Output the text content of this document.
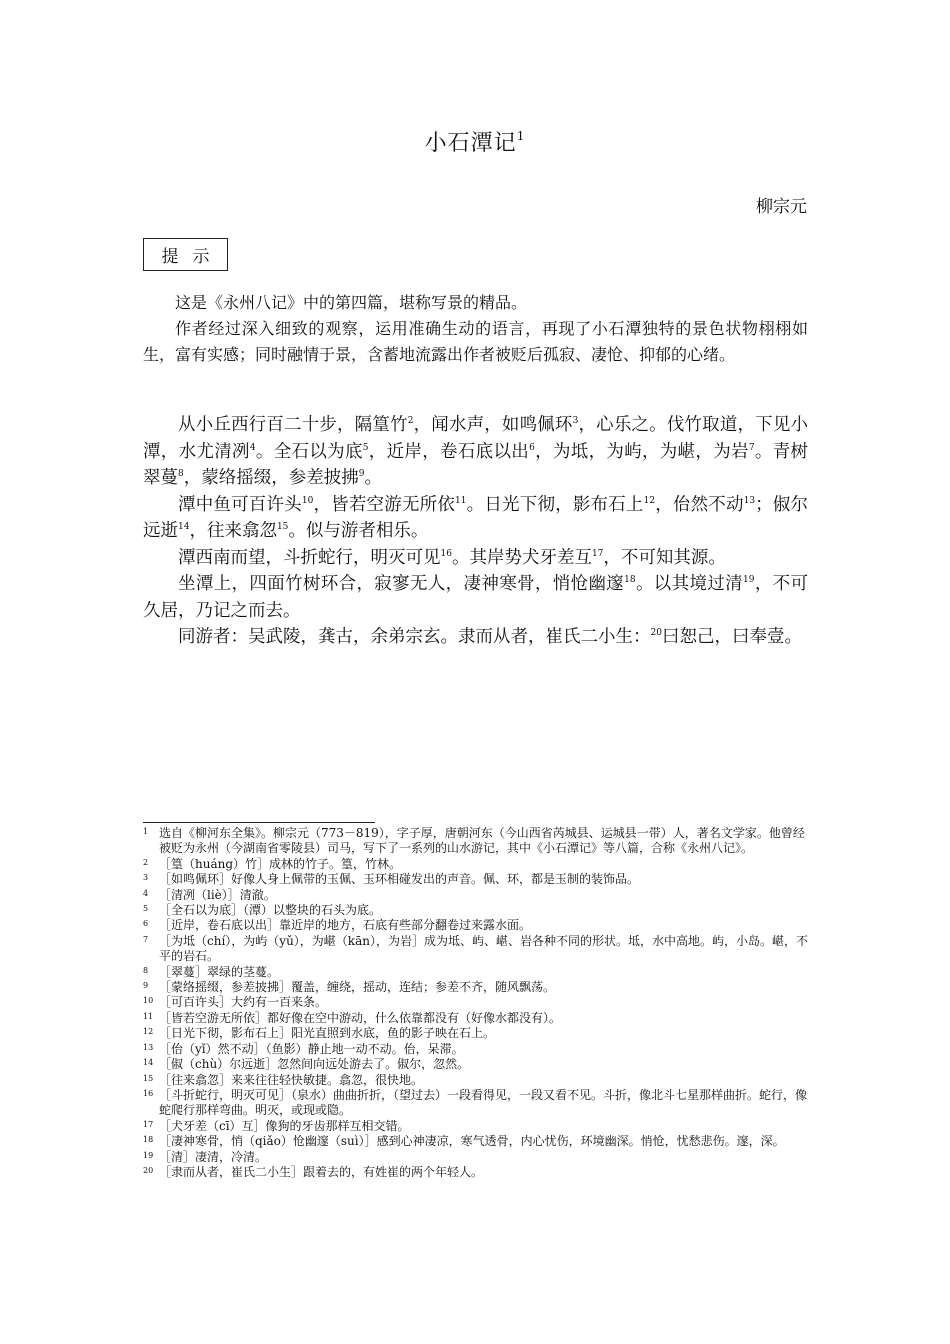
小石潭记$^1$
柳宗元
提示

这是《永州八记》中的第四篇，堪称写景的精品。

作者经过深入细致的观察，运用准确生动的语言，再现了小石潭独特的景色状物栩栩如生，富有实感；同时融情于景，含蓄地流露出作者被贬后孤寂、凄怆、抑郁的心绪。

从小丘西行百二十步，隔篁竹$^2$，闻水声，如鸣佩环$^3$，心乐之。伐竹取道，下见小潭，水尤清冽$^4$。全石以为底$^5$，近岸，卷石底以出$^6$，为坻，为屿，为嵁，为岩$^7$。青树翠蔓$^8$，蒙络摇缀，参差披拂$^9$。

潭中鱼可百许头$^{10}$，皆若空游无所依$^{11}$。日光下彻，影布石上$^{12}$，佁然不动$^{13}$；俶尔远逝$^{14}$，往来翕忽$^{15}$。似与游者相乐。

潭西南而望，斗折蛇行，明灭可见$^{16}$。其岸势犬牙差互$^{17}$，不可知其源。

坐潭上，四面竹树环合，寂寥无人，凄神寒骨，悄怆幽邃$^{18}$。以其境过清$^{19}$，不可久居，乃记之而去。

同游者：吴武陵，龚古，余弟宗玄。隶而从者，崔氏二小生：$^{20}$曰恕己，曰奉壹。

1 选自《柳河东全集》。柳宗元（773－819），字子厚，唐朝河东（今山西省芮城县、运城县一带）人，著名文学家。他曾经被贬为永州（今湖南省零陵县）司马，写下了一系列的山水游记，其中《小石潭记》等八篇，合称《永州八记》。
2 ［篁（huáng）竹］成林的竹子。篁，竹林。
3 ［如鸣佩环］好像人身上佩带的玉佩、玉环相碰发出的声音。佩、环，都是玉制的装饰品。
4 ［清冽（liè）］清澈。
5 ［全石以为底］（潭）以整块的石头为底。
6 ［近岸，卷石底以出］靠近岸的地方，石底有些部分翻卷过来露水面。
7 ［为坻（chí），为屿（yǔ），为嵁（kān），为岩］成为坻、屿、嵁、岩各种不同的形状。坻，水中高地。屿，小岛。嵁，不平的岩石。
8 ［翠蔓］翠绿的茎蔓。
9 ［蒙络摇缀，参差披拂］覆盖，缠绕，摇动，连结；参差不齐，随风飘荡。
10 ［可百许头］大约有一百来条。
11 ［皆若空游无所依］都好像在空中游动，什么依靠都没有（好像水都没有）。
12 ［日光下彻，影布石上］阳光直照到水底，鱼的影子映在石上。
13 ［佁（yǐ）然不动］（鱼影）静止地一动不动。佁，呆滞。
14 ［俶（chù）尔远逝］忽然间向远处游去了。俶尔，忽然。
15 ［往来翕忽］来来往往轻快敏捷。翕忽，很快地。
16 ［斗折蛇行，明灭可见］（泉水）曲曲折折，（望过去）一段看得见，一段又看不见。斗折，像北斗七星那样曲折。蛇行，像蛇爬行那样弯曲。明灭，或现或隐。
17 ［犬牙差（cī）互］像狗的牙齿那样互相交错。
18 ［凄神寒骨，悄（qiǎo）怆幽邃（suì）］感到心神凄凉，寒气透骨，内心忧伤，环境幽深。悄怆，忧愁悲伤。邃，深。
19 ［清］凄清，冷清。
20 ［隶而从者，崔氏二小生］跟着去的，有姓崔的两个年轻人。
